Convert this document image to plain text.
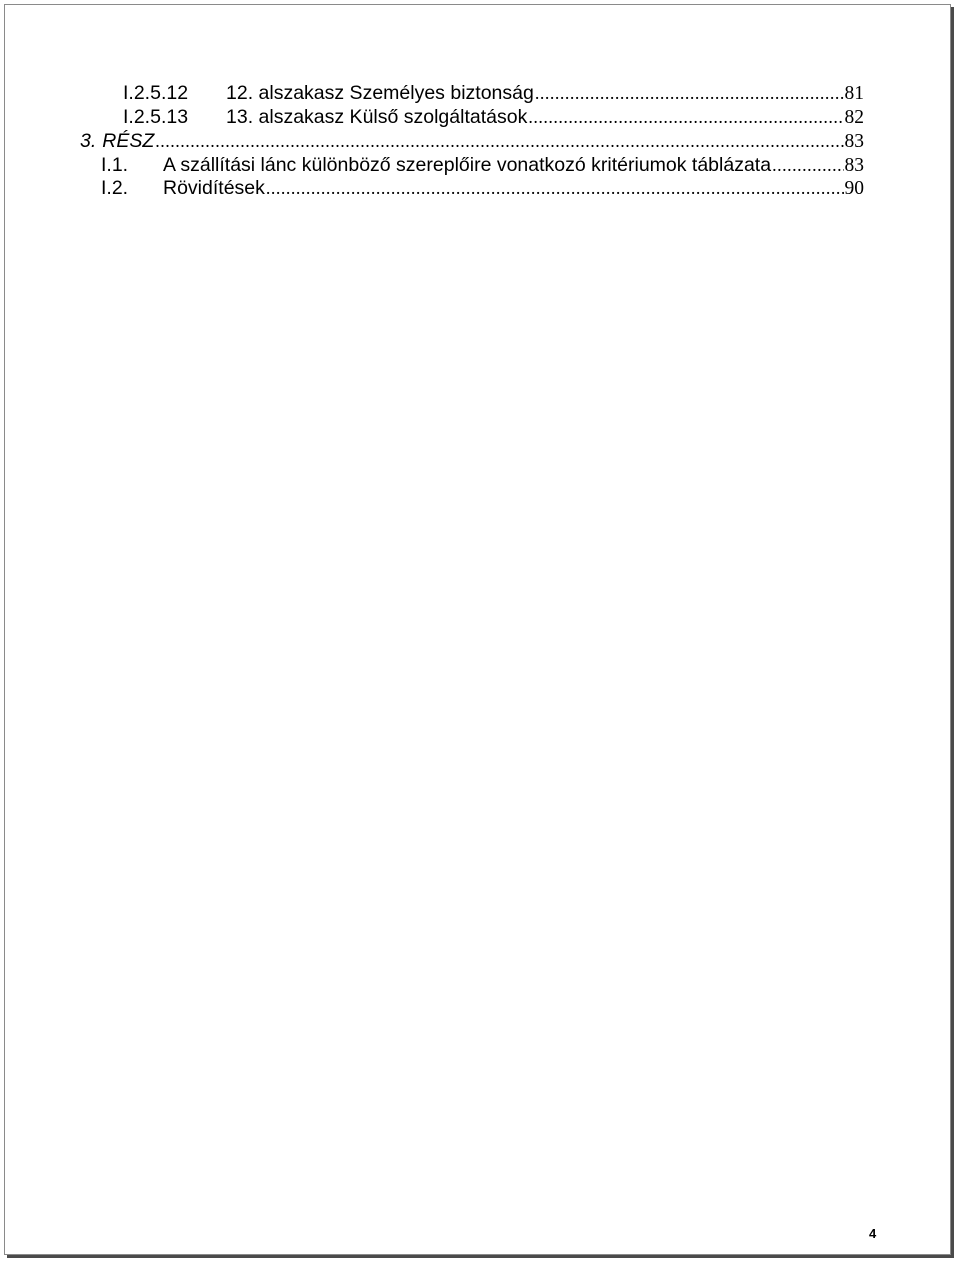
I.2.5.12	12. alszakasz Személyes biztonság .....	81
I.2.5.13	13. alszakasz Külső szolgáltatások .....	82
3. RÉSZ .....	83
I.1.	A szállítási lánc különböző szereplőire vonatkozó kritériumok táblázata .....	83
I.2.	Rövidítések .....	90
4
